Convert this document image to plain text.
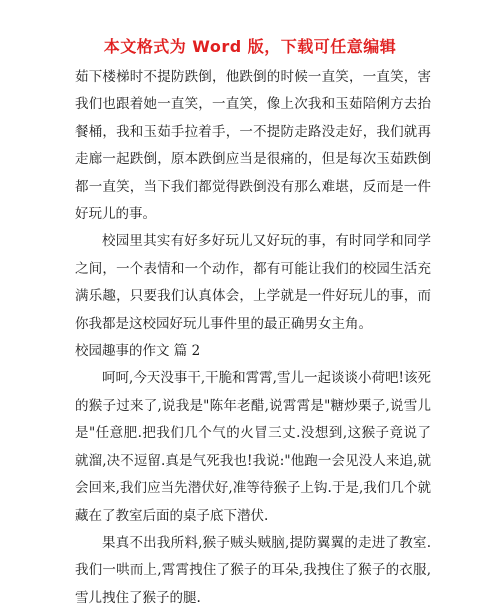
本文格式为 Word 版，下载可任意编辑

茹下楼梯时不提防跌倒，他跌倒的时候一直笑，一直笑，害我们也跟着她一直笑，一直笑，像上次我和玉茹陪俐方去抬餐桶，我和玉茹手拉着手，一不提防走路没走好，我们就再走廊一起跌倒，原本跌倒应当是很痛的，但是每次玉茹跌倒都一直笑，当下我们都觉得跌倒没有那么难堪，反而是一件好玩儿的事。

校园里其实有好多好玩儿又好玩的事，有时同学和同学之间，一个表情和一个动作，都有可能让我们的校园生活充满乐趣，只要我们认真体会，上学就是一件好玩儿的事，而你我都是这校园好玩儿事件里的最正确男女主角。

校园趣事的作文 篇 2

呵呵,今天没事干,干脆和霄霄,雪儿一起谈谈小荷吧!该死的猴子过来了,说我是"陈年老醋,说霄霄是"糖炒栗子,说雪儿是"任意肥.把我们几个气的火冒三丈.没想到,这猴子竟说了就溜,决不逗留.真是气死我也!我说:"他跑一会见没人来追,就会回来,我们应当先潜伏好,准等待猴子上钩.于是,我们几个就藏在了教室后面的桌子底下潜伏.

果真不出我所料,猴子贼头贼脑,提防翼翼的走进了教室.我们一哄而上,霄霄拽住了猴子的耳朵,我拽住了猴子的衣服,雪儿拽住了猴子的腿.
